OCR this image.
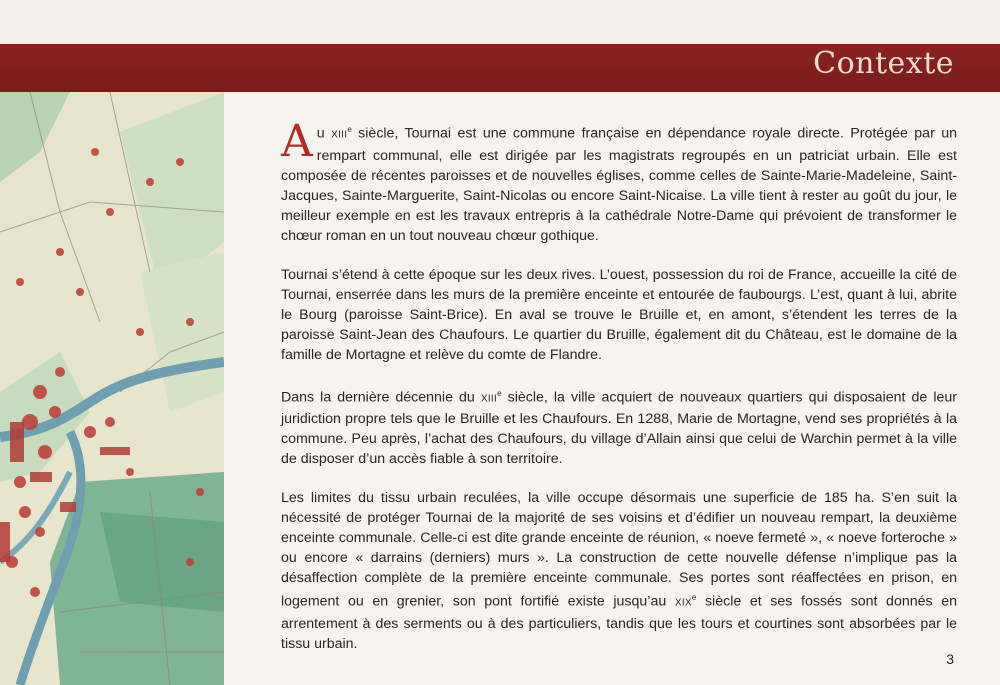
Contexte

Au XIIIe siècle, Tournai est une commune française en dépendance royale directe. Protégée par un rempart communal, elle est dirigée par les magistrats regroupés en un patriciat urbain. Elle est composée de récentes paroisses et de nouvelles églises, comme celles de Sainte-Marie-Madeleine, Saint-Jacques, Sainte-Marguerite, Saint-Nicolas ou encore Saint-Nicaise. La ville tient à rester au goût du jour, le meilleur exemple en est les travaux entrepris à la cathédrale Notre-Dame qui prévoient de transformer le chœur roman en un tout nouveau chœur gothique.

Tournai s’étend à cette époque sur les deux rives. L’ouest, possession du roi de France, accueille la cité de Tournai, enserrée dans les murs de la première enceinte et entourée de faubourgs. L’est, quant à lui, abrite le Bourg (paroisse Saint-Brice). En aval se trouve le Bruille et, en amont, s’étendent les terres de la paroisse Saint-Jean des Chaufours. Le quartier du Bruille, également dit du Château, est le domaine de la famille de Mortagne et relève du comte de Flandre.

Dans la dernière décennie du XIIIe siècle, la ville acquiert de nouveaux quartiers qui disposaient de leur juridiction propre tels que le Bruille et les Chaufours. En 1288, Marie de Mortagne, vend ses propriétés à la commune. Peu après, l’achat des Chaufours, du village d’Allain ainsi que celui de Warchin permet à la ville de disposer d’un accès fiable à son territoire.

Les limites du tissu urbain reculées, la ville occupe désormais une superficie de 185 ha. S’en suit la nécessité de protéger Tournai de la majorité de ses voisins et d’édifier un nouveau rempart, la deuxième enceinte communale. Celle-ci est dite grande enceinte de réunion, « noeve fermeté », « noeve forteroche » ou encore « darrains (derniers) murs ». La construction de cette nouvelle défense n’implique pas la désaffection complète de la première enceinte communale. Ses portes sont réaffectées en prison, en logement ou en grenier, son pont fortifié existe jusqu’au XIXe siècle et ses fossés sont donnés en arrentement à des serments ou à des particuliers, tandis que les tours et courtines sont absorbées par le tissu urbain.

3
